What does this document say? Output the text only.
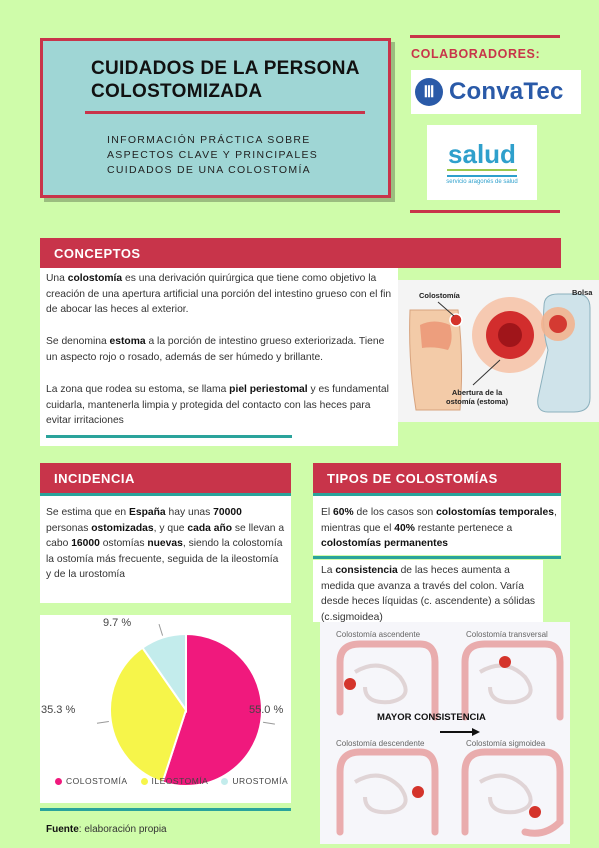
CUIDADOS DE LA PERSONA
COLOSTOMIZADA
INFORMACIÓN PRÁCTICA SOBRE
ASPECTOS CLAVE Y PRINCIPALES
CUIDADOS DE UNA COLOSTOMÍA
COLABORADORES:
Ⅲ ConvaTec
salud
servicio aragonés de salud
CONCEPTOS
Una colostomía es una derivación quirúrgica que tiene como objetivo la creación de una apertura artificial una porción del intestino grueso con el fin de abocar las heces al exterior.
Se denomina estoma a la porción de intestino grueso exteriorizada. Tiene un aspecto rojo o rosado, además de ser húmedo y brillante.
La zona que rodea su estoma, se llama piel periestomal y es fundamental cuidarla, mantenerla limpia y protegida del contacto con las heces para evitar irritaciones
Colostomía	Bolsa
Abertura de la
ostomía (estoma)
INCIDENCIA
Se estima que en España hay unas 70000 personas ostomizadas, y que cada año se llevan a cabo 16000 ostomías nuevas, siendo la colostomía la ostomía más frecuente, seguida de la ileostomía y de la urostomía
9.7 %
35.3 %	55.0 %
COLOSTOMÍA	ILEOSTOMÍA	UROSTOMÍA
Fuente: elaboración propia
TIPOS DE COLOSTOMÍAS
El 60% de los casos son colostomías temporales, mientras que el 40% restante pertenece a colostomías permanentes
La consistencia de las heces aumenta a medida que avanza a través del colon. Varía desde heces líquidas (c. ascendente) a sólidas (c.sigmoidea)
Colostomía ascendente	Colostomía transversal
Colostomía descendente	Colostomía sigmoidea
MAYOR CONSISTENCIA
